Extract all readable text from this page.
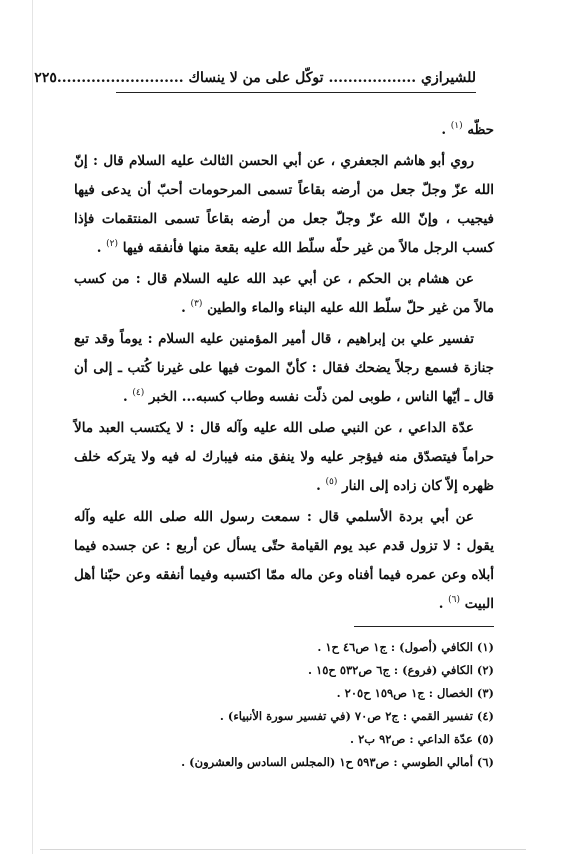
للشيرازي .................. توكّل على من لا ينساك ..........................
٢٢٥

حظّه $^{(١)}$ .

روي أبو هاشم الجعفري ، عن أبي الحسن الثالث عليه السلام قال : إنّ الله عزّ وجلّ جعل من أرضه بقاعاً تسمى المرحومات أحبّ أن يدعى فيها فيجيب ، وإنّ الله عزّ وجلّ جعل من أرضه بقاعاً تسمى المنتقمات فإذا كسب الرجل مالاً من غير حلّه سلّط الله عليه بقعة منها فأنفقه فيها $^{(٢)}$ .

عن هشام بن الحكم ، عن أبي عبد الله عليه السلام قال : من كسب مالاً من غير حلّ سلّط الله عليه البناء والماء والطين $^{(٣)}$ .

تفسير علي بن إبراهيم ، قال أمير المؤمنين عليه السلام : يوماً وقد تبع جنازة فسمع رجلاً يضحك فقال : كأنّ الموت فيها على غيرنا كُتب ـ إلى أن قال ـ أيّها الناس ، طوبى لمن ذلّت نفسه وطاب كسبه... الخبر $^{(٤)}$ .

عدّة الداعي ، عن النبي صلى الله عليه وآله قال : لا يكتسب العبد مالاً حراماً فيتصدّق منه فيؤجر عليه ولا ينفق منه فيبارك له فيه ولا يتركه خلف ظهره إلاّ كان زاده إلى النار $^{(٥)}$ .

عن أبي بردة الأسلمي قال : سمعت رسول الله صلى الله عليه وآله يقول : لا تزول قدم عبد يوم القيامة حتّى يسأل عن أربع : عن جسده فيما أبلاه وعن عمره فيما أفناه وعن ماله ممّا اكتسبه وفيما أنفقه وعن حبّنا أهل البيت $^{(٦)}$ .

(١) الكافي (أصول) : ج١ ص٤٦ ح١ .
(٢) الكافي (فروع) : ج٦ ص٥٣٢ ح١٥ .
(٣) الخصال : ج١ ص١٥٩ ح٢٠٥ .
(٤) تفسير القمي : ج٢ ص٧٠ (في تفسير سورة الأنبياء) .
(٥) عدّة الداعي : ص٩٢ ب٢ .
(٦) أمالي الطوسي : ص٥٩٣ ح١ (المجلس السادس والعشرون) .
